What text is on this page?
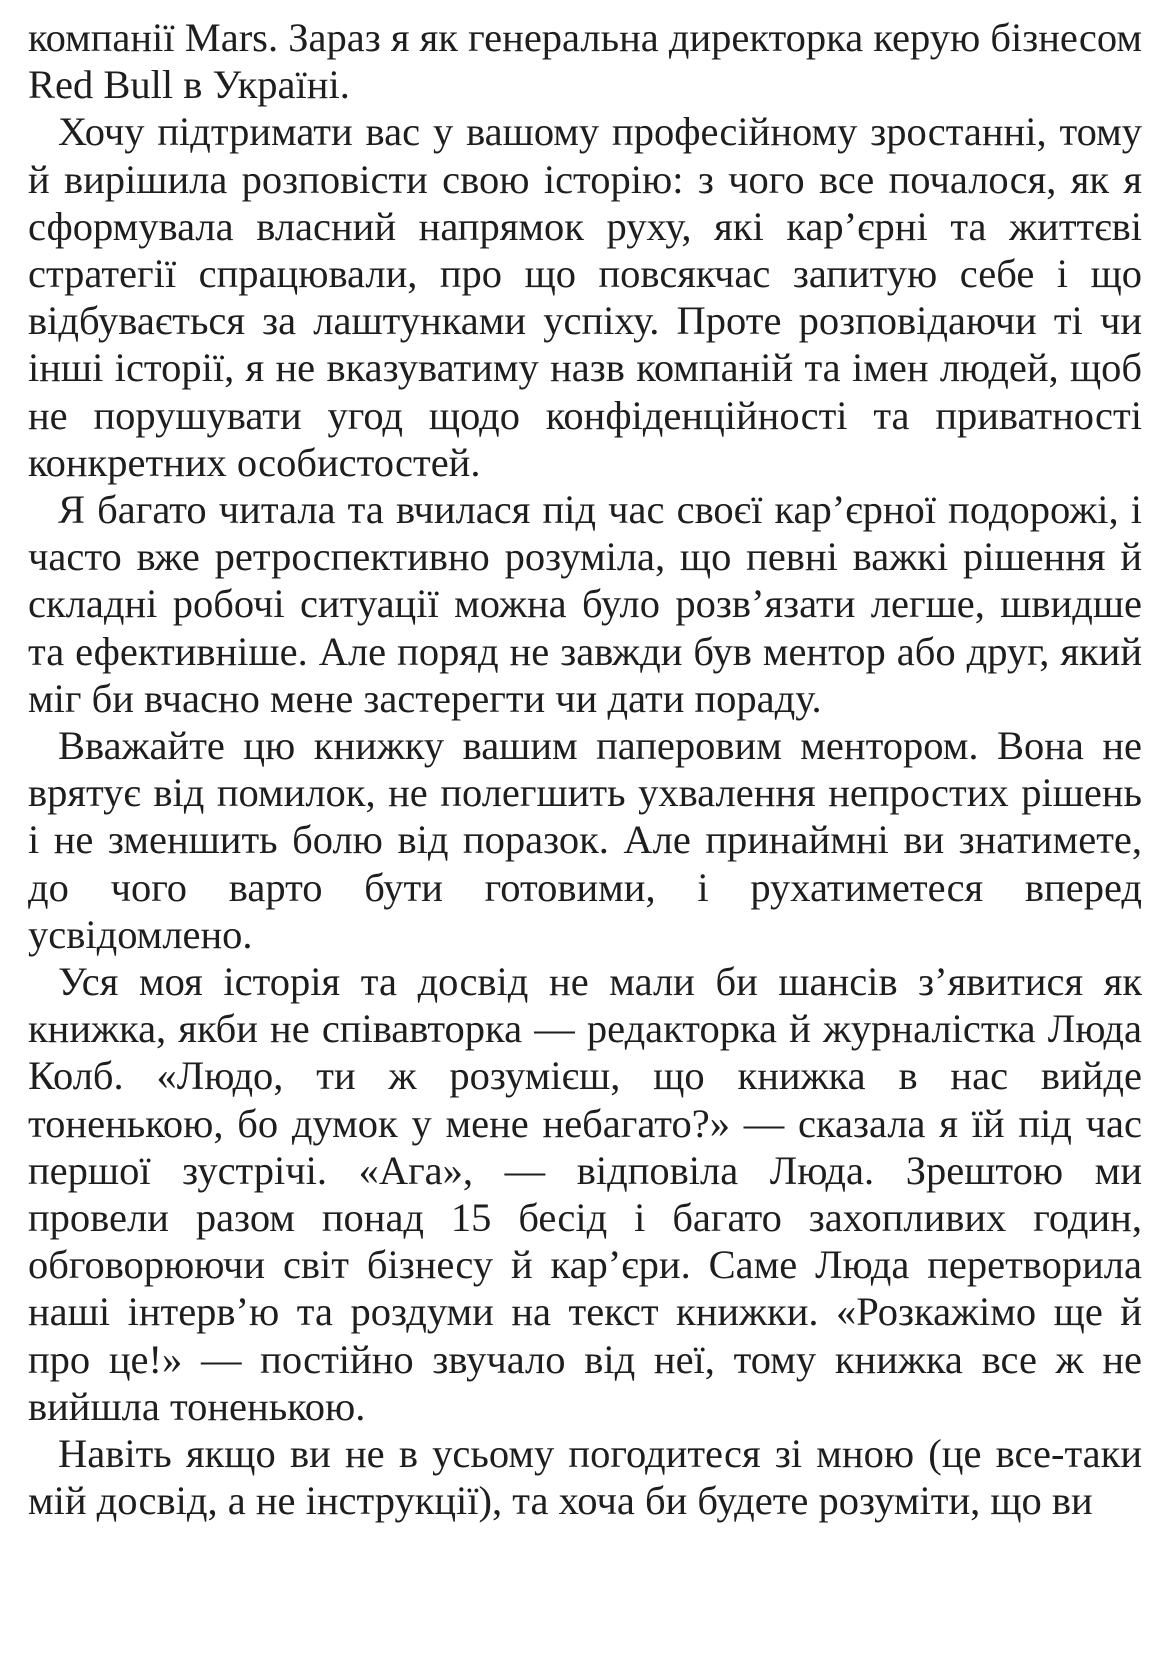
компанії Mars. Зараз я як генеральна директорка керую бізнесом Red Bull в Україні.

Хочу підтримати вас у вашому професійному зростанні, тому й вирішила розповісти свою історію: з чого все почалося, як я сформувала власний напрямок руху, які кар’єрні та життєві стратегії спрацювали, про що повсякчас запитую себе і що відбувається за лаштунками успіху. Проте розповідаючи ті чи інші історії, я не вказуватиму назв компаній та імен людей, щоб не порушувати угод щодо конфіденційності та приватності конкретних особистостей.

Я багато читала та вчилася під час своєї кар’єрної подорожі, і часто вже ретроспективно розуміла, що певні важкі рішення й складні робочі ситуації можна було розв’язати легше, швидше та ефективніше. Але поряд не завжди був ментор або друг, який міг би вчасно мене застерегти чи дати пораду.

Вважайте цю книжку вашим паперовим ментором. Вона не врятує від помилок, не полегшить ухвалення непростих рішень і не зменшить болю від поразок. Але принаймні ви знатимете, до чого варто бути готовими, і рухатиметеся вперед усвідомлено.

Уся моя історія та досвід не мали би шансів з’явитися як книжка, якби не співавторка — редакторка й журналістка Люда Колб. «Людо, ти ж розумієш, що книжка в нас вийде тоненькою, бо думок у мене небагато?» — сказала я їй під час першої зустрічі. «Ага», — відповіла Люда. Зрештою ми провели разом понад 15 бесід і багато захопливих годин, обговорюючи світ бізнесу й кар’єри. Саме Люда перетворила наші інтерв’ю та роздуми на текст книжки. «Розкажімо ще й про це!» — постійно звучало від неї, тому книжка все ж не вийшла тоненькою.

Навіть якщо ви не в усьому погодитеся зі мною (це все-таки мій досвід, а не інструкції), та хоча би будете розуміти, що ви
